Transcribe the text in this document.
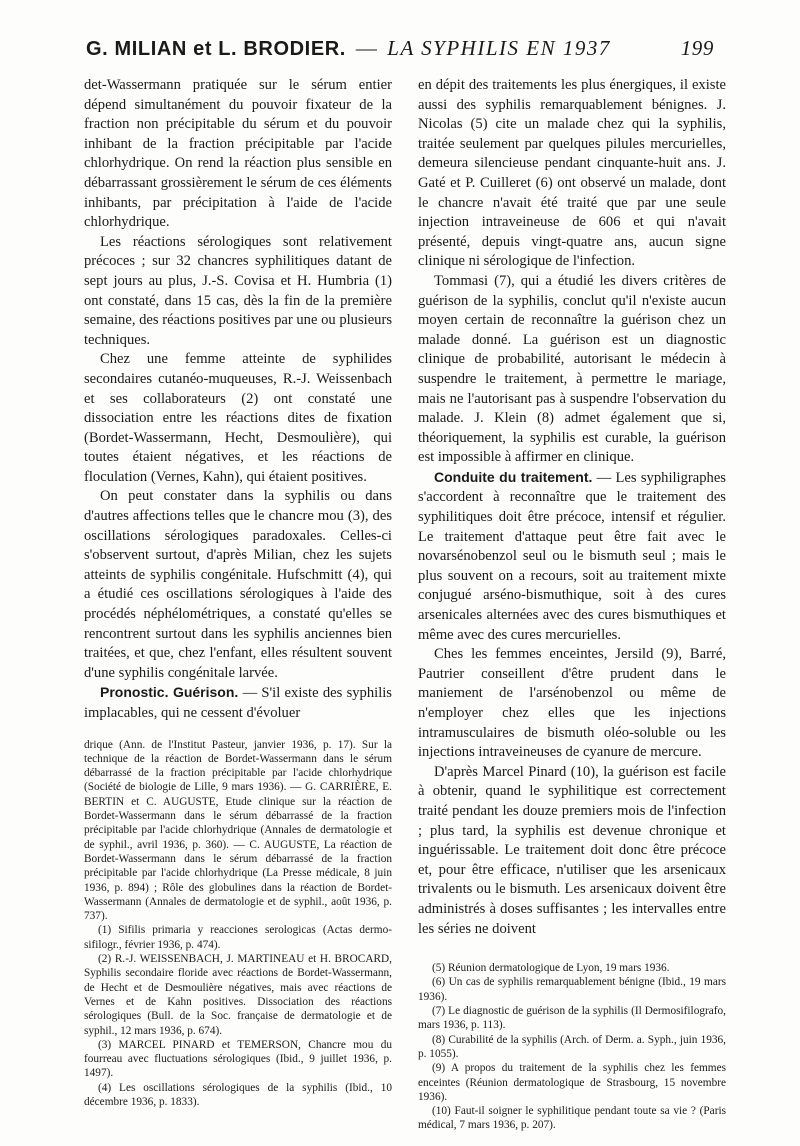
G. MILIAN et L. BRODIER. — LA SYPHILIS EN 1937	199

det-Wassermann pratiquée sur le sérum entier dépend simultanément du pouvoir fixateur de la fraction non précipitable du sérum et du pouvoir inhibant de la fraction précipitable par l'acide chlorhydrique. On rend la réaction plus sensible en débarrassant grossièrement le sérum de ces éléments inhibants, par précipitation à l'aide de l'acide chlorhydrique.

Les réactions sérologiques sont relativement précoces ; sur 32 chancres syphilitiques datant de sept jours au plus, J.-S. Covisa et H. Humbria (1) ont constaté, dans 15 cas, dès la fin de la première semaine, des réactions positives par une ou plusieurs techniques.

Chez une femme atteinte de syphilides secondaires cutanéo-muqueuses, R.-J. Weissenbach et ses collaborateurs (2) ont constaté une dissociation entre les réactions dites de fixation (Bordet-Wassermann, Hecht, Desmoulière), qui toutes étaient négatives, et les réactions de floculation (Vernes, Kahn), qui étaient positives.

On peut constater dans la syphilis ou dans d'autres affections telles que le chancre mou (3), des oscillations sérologiques paradoxales. Celles-ci s'observent surtout, d'après Milian, chez les sujets atteints de syphilis congénitale. Hufschmitt (4), qui a étudié ces oscillations sérologiques à l'aide des procédés néphélométriques, a constaté qu'elles se rencontrent surtout dans les syphilis anciennes bien traitées, et que, chez l'enfant, elles résultent souvent d'une syphilis congénitale larvée.

Pronostic. Guérison. — S'il existe des syphilis implacables, qui ne cessent d'évoluer

drique (Ann. de l'Institut Pasteur, janvier 1936, p. 17). Sur la technique de la réaction de Bordet-Wassermann dans le sérum débarrassé de la fraction précipitable par l'acide chlorhydrique (Société de biologie de Lille, 9 mars 1936). — G. CARRIÈRE, E. BERTIN et C. AUGUSTE, Etude clinique sur la réaction de Bordet-Wassermann dans le sérum débarrassé de la fraction précipitable par l'acide chlorhydrique (Annales de dermatologie et de syphil., avril 1936, p. 360). — C. AUGUSTE, La réaction de Bordet-Wassermann dans le sérum débarrassé de la fraction précipitable par l'acide chlorhydrique (La Presse médicale, 8 juin 1936, p. 894) ; Rôle des globulines dans la réaction de Bordet-Wassermann (Annales de dermatologie et de syphil., août 1936, p. 737).

(1) Sifilis primaria y reacciones serologicas (Actas dermo-sifilogr., février 1936, p. 474).

(2) R.-J. WEISSENBACH, J. MARTINEAU et H. BROCARD, Syphilis secondaire floride avec réactions de Bordet-Wassermann, de Hecht et de Desmoulière négatives, mais avec réactions de Vernes et de Kahn positives. Dissociation des réactions sérologiques (Bull. de la Soc. française de dermatologie et de syphil., 12 mars 1936, p. 674).

(3) MARCEL PINARD et TEMERSON, Chancre mou du fourreau avec fluctuations sérologiques (Ibid., 9 juillet 1936, p. 1497).

(4) Les oscillations sérologiques de la syphilis (Ibid., 10 décembre 1936, p. 1833).

en dépit des traitements les plus énergiques, il existe aussi des syphilis remarquablement bénignes. J. Nicolas (5) cite un malade chez qui la syphilis, traitée seulement par quelques pilules mercurielles, demeura silencieuse pendant cinquante-huit ans. J. Gaté et P. Cuilleret (6) ont observé un malade, dont le chancre n'avait été traité que par une seule injection intraveineuse de 606 et qui n'avait présenté, depuis vingt-quatre ans, aucun signe clinique ni sérologique de l'infection.

Tommasi (7), qui a étudié les divers critères de guérison de la syphilis, conclut qu'il n'existe aucun moyen certain de reconnaître la guérison chez un malade donné. La guérison est un diagnostic clinique de probabilité, autorisant le médecin à suspendre le traitement, à permettre le mariage, mais ne l'autorisant pas à suspendre l'observation du malade. J. Klein (8) admet également que si, théoriquement, la syphilis est curable, la guérison est impossible à affirmer en clinique.

Conduite du traitement. — Les syphiligraphes s'accordent à reconnaître que le traitement des syphilitiques doit être précoce, intensif et régulier. Le traitement d'attaque peut être fait avec le novarsénobenzol seul ou le bismuth seul ; mais le plus souvent on a recours, soit au traitement mixte conjugué arséno-bismuthique, soit à des cures arsenicales alternées avec des cures bismuthiques et même avec des cures mercurielles.

Ches les femmes enceintes, Jersild (9), Barré, Pautrier conseillent d'être prudent dans le maniement de l'arsénobenzol ou même de n'employer chez elles que les injections intramusculaires de bismuth oléo-soluble ou les injections intraveineuses de cyanure de mercure.

D'après Marcel Pinard (10), la guérison est facile à obtenir, quand le syphilitique est correctement traité pendant les douze premiers mois de l'infection ; plus tard, la syphilis est devenue chronique et inguérissable. Le traitement doit donc être précoce et, pour être efficace, n'utiliser que les arsenicaux trivalents ou le bismuth. Les arsenicaux doivent être administrés à doses suffisantes ; les intervalles entre les séries ne doivent

(5) Réunion dermatologique de Lyon, 19 mars 1936.

(6) Un cas de syphilis remarquablement bénigne (Ibid., 19 mars 1936).

(7) Le diagnostic de guérison de la syphilis (Il Dermosifilografo, mars 1936, p. 113).

(8) Curabilité de la syphilis (Arch. of Derm. a. Syph., juin 1936, p. 1055).

(9) A propos du traitement de la syphilis chez les femmes enceintes (Réunion dermatologique de Strasbourg, 15 novembre 1936).

(10) Faut-il soigner le syphilitique pendant toute sa vie ? (Paris médical, 7 mars 1936, p. 207).
